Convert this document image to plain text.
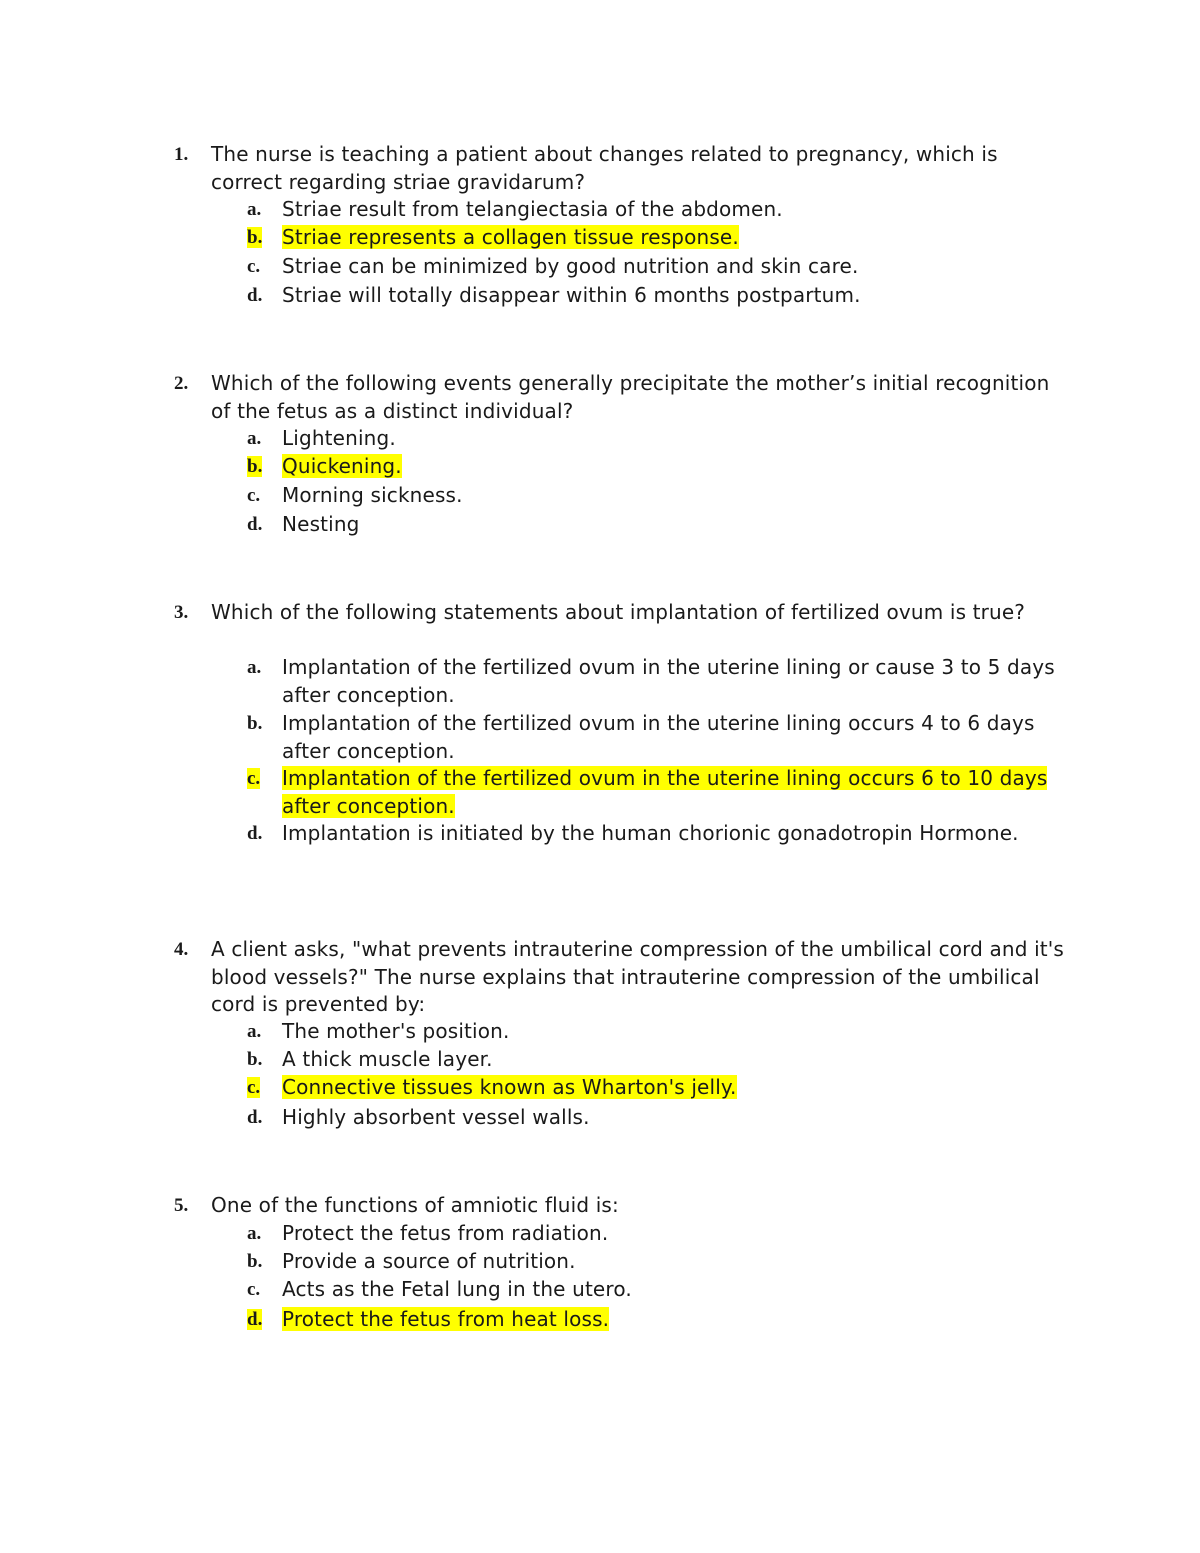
1. The nurse is teaching a patient about changes related to pregnancy, which is correct regarding striae gravidarum?
a. Striae result from telangiectasia of the abdomen.
b. Striae represents a collagen tissue response.
c. Striae can be minimized by good nutrition and skin care.
d. Striae will totally disappear within 6 months postpartum.
2. Which of the following events generally precipitate the mother’s initial recognition of the fetus as a distinct individual?
a. Lightening.
b. Quickening.
c. Morning sickness.
d. Nesting
3. Which of the following statements about implantation of fertilized ovum is true?
a. Implantation of the fertilized ovum in the uterine lining or cause 3 to 5 days after conception.
b. Implantation of the fertilized ovum in the uterine lining occurs 4 to 6 days after conception.
c. Implantation of the fertilized ovum in the uterine lining occurs 6 to 10 days after conception.
d. Implantation is initiated by the human chorionic gonadotropin Hormone.
4. A client asks, "what prevents intrauterine compression of the umbilical cord and it's blood vessels?" The nurse explains that intrauterine compression of the umbilical cord is prevented by:
a. The mother's position.
b. A thick muscle layer.
c. Connective tissues known as Wharton's jelly.
d. Highly absorbent vessel walls.
5. One of the functions of amniotic fluid is:
a. Protect the fetus from radiation.
b. Provide a source of nutrition.
c. Acts as the Fetal lung in the utero.
d. Protect the fetus from heat loss.
